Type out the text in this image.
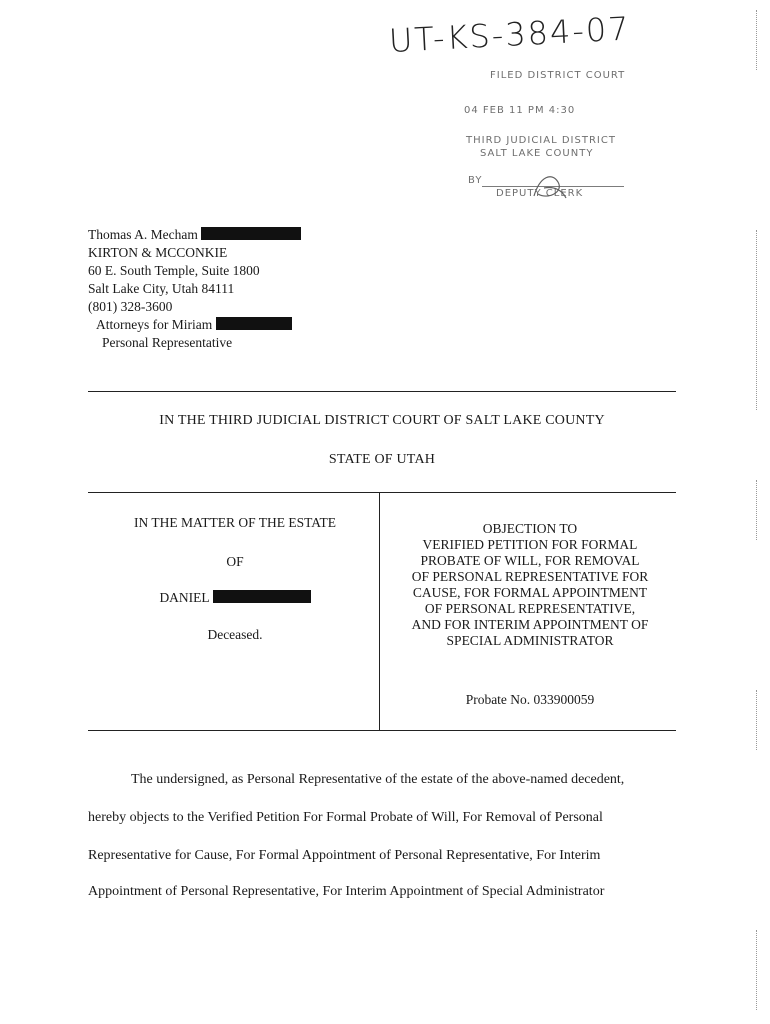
UT-KS-384-07
FILED DISTRICT COURT
04 FEB 11 PM 4:30
THIRD JUDICIAL DISTRICT
SALT LAKE COUNTY
BY
DEPUTY CLERK
Thomas A. Mecham
KIRTON & MCCONKIE
60 E. South Temple, Suite 1800
Salt Lake City, Utah 84111
(801) 328-3600
Attorneys for Miriam
Personal Representative
IN THE THIRD JUDICIAL DISTRICT COURT OF SALT LAKE COUNTY
STATE OF UTAH
IN THE MATTER OF THE ESTATE
OF
DANIEL
Deceased.
OBJECTION TO
VERIFIED PETITION FOR FORMAL
PROBATE OF WILL, FOR REMOVAL
OF PERSONAL REPRESENTATIVE FOR
CAUSE, FOR FORMAL APPOINTMENT
OF PERSONAL REPRESENTATIVE,
AND FOR INTERIM APPOINTMENT OF
SPECIAL ADMINISTRATOR
Probate No. 033900059
The undersigned, as Personal Representative of the estate of the above-named decedent,
hereby objects to the Verified Petition For Formal Probate of Will, For Removal of Personal
Representative for Cause, For Formal Appointment of Personal Representative, For Interim
Appointment of Personal Representative, For Interim Appointment of Special Administrator
